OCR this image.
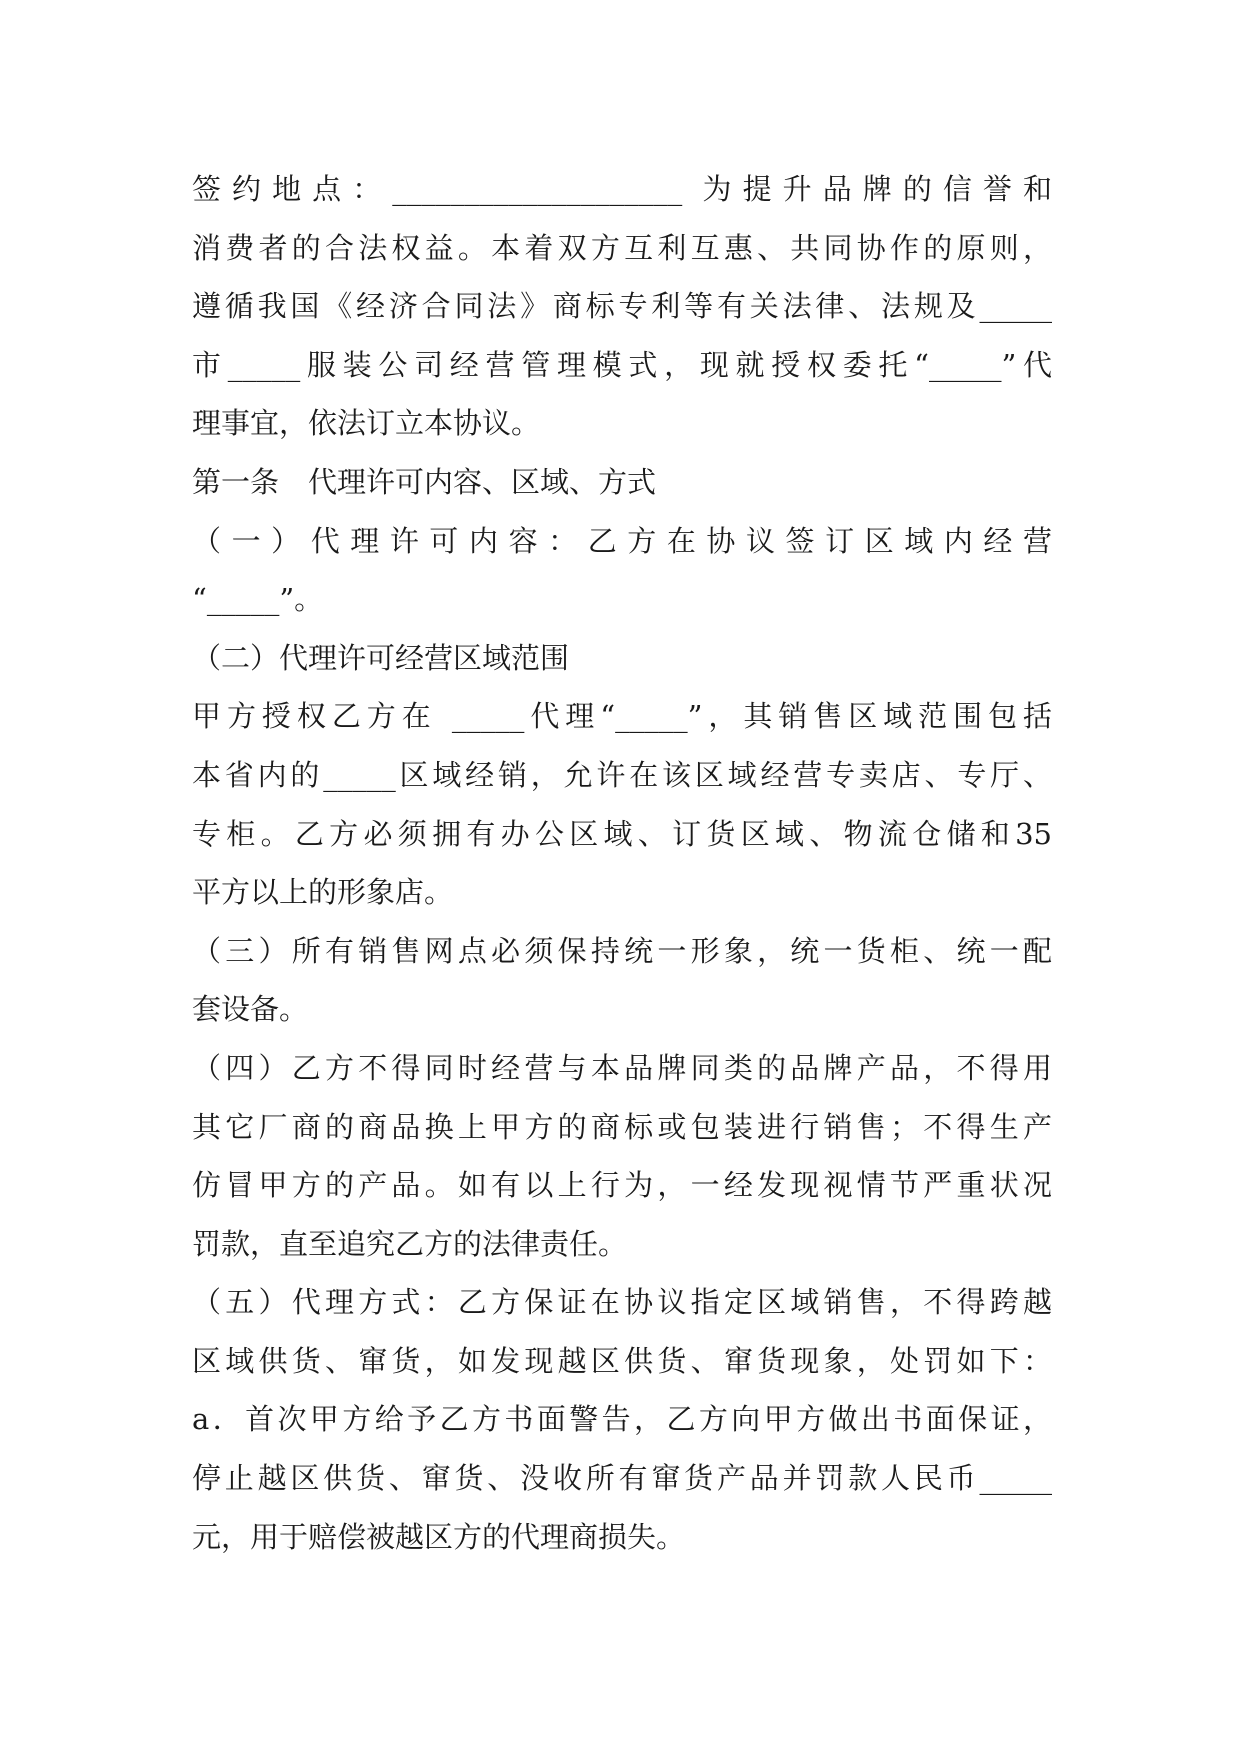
签约地点：____________________ 为提升品牌的信誉和
消费者的合法权益。本着双方互利互惠、共同协作的原则，
遵循我国《经济合同法》商标专利等有关法律、法规及_____
市_____服装公司经营管理模式，现就授权委托“_____”代
理事宜，依法订立本协议。
第一条　代理许可内容、区域、方式
（一）代理许可内容：乙方在协议签订区域内经营
“_____”。
（二）代理许可经营区域范围
甲方授权乙方在 _____代理“_____”，其销售区域范围包括
本省内的_____区域经销，允许在该区域经营专卖店、专厅、
专柜。乙方必须拥有办公区域、订货区域、物流仓储和35
平方以上的形象店。
（三）所有销售网点必须保持统一形象，统一货柜、统一配
套设备。
（四）乙方不得同时经营与本品牌同类的品牌产品，不得用
其它厂商的商品换上甲方的商标或包装进行销售；不得生产
仿冒甲方的产品。如有以上行为，一经发现视情节严重状况
罚款，直至追究乙方的法律责任。
（五）代理方式：乙方保证在协议指定区域销售，不得跨越
区域供货、窜货，如发现越区供货、窜货现象，处罚如下：
a．首次甲方给予乙方书面警告，乙方向甲方做出书面保证，
停止越区供货、窜货、没收所有窜货产品并罚款人民币_____
元，用于赔偿被越区方的代理商损失。
